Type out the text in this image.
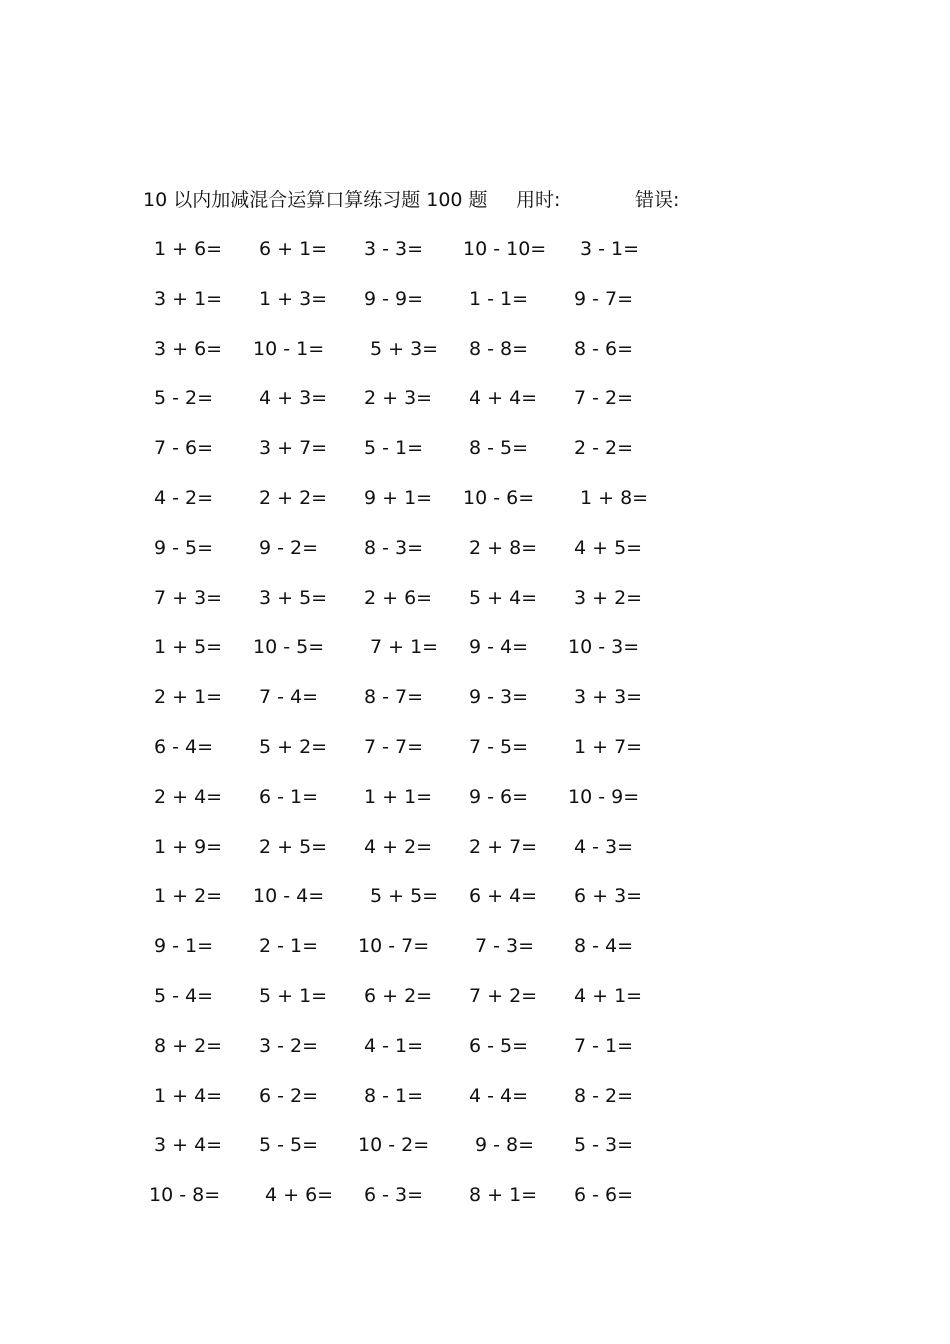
10 以内加减混合运算口算练习题 100 题 用时:	错误:
1 + 6= 6 + 1= 3 - 3= 10 - 10= 3 - 1=
3 + 1= 1 + 3= 9 - 9= 1 - 1= 9 - 7=
3 + 6= 10 - 1= 5 + 3= 8 - 8= 8 - 6=
5 - 2= 4 + 3= 2 + 3= 4 + 4= 7 - 2=
7 - 6= 3 + 7= 5 - 1= 8 - 5= 2 - 2=
4 - 2= 2 + 2= 9 + 1= 10 - 6= 1 + 8=
9 - 5= 9 - 2= 8 - 3= 2 + 8= 4 + 5=
7 + 3= 3 + 5= 2 + 6= 5 + 4= 3 + 2=
1 + 5= 10 - 5= 7 + 1= 9 - 4= 10 - 3=
2 + 1= 7 - 4= 8 - 7= 9 - 3= 3 + 3=
6 - 4= 5 + 2= 7 - 7= 7 - 5= 1 + 7=
2 + 4= 6 - 1= 1 + 1= 9 - 6= 10 - 9=
1 + 9= 2 + 5= 4 + 2= 2 + 7= 4 - 3=
1 + 2= 10 - 4= 5 + 5= 6 + 4= 6 + 3=
9 - 1= 2 - 1= 10 - 7= 7 - 3= 8 - 4=
5 - 4= 5 + 1= 6 + 2= 7 + 2= 4 + 1=
8 + 2= 3 - 2= 4 - 1= 6 - 5= 7 - 1=
1 + 4= 6 - 2= 8 - 1= 4 - 4= 8 - 2=
3 + 4= 5 - 5= 10 - 2= 9 - 8= 5 - 3=
10 - 8= 4 + 6= 6 - 3= 8 + 1= 6 - 6=
